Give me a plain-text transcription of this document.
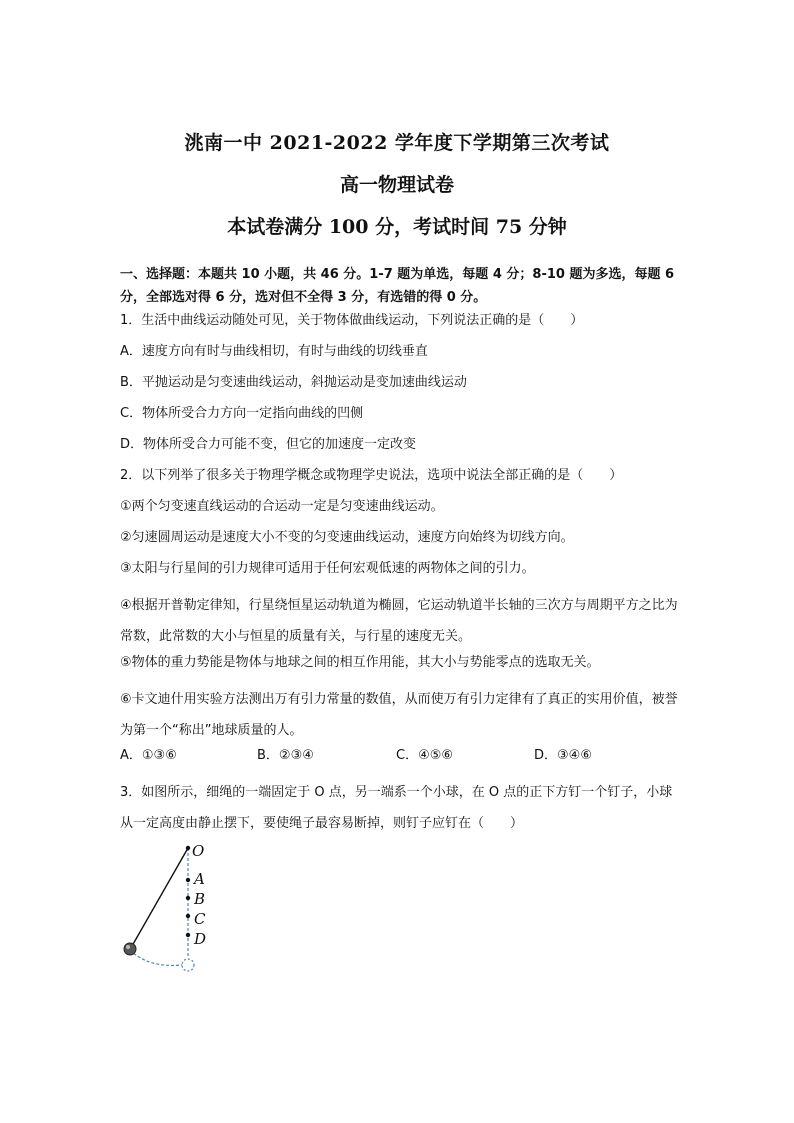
洮南一中 2021-2022 学年度下学期第三次考试
高一物理试卷
本试卷满分 100 分，考试时间 75 分钟
一、选择题：本题共 10 小题，共 46 分。1-7 题为单选，每题 4 分；8-10 题为多选，每题 6 分，全部选对得 6 分，选对但不全得 3 分，有选错的得 0 分。
1．生活中曲线运动随处可见，关于物体做曲线运动，下列说法正确的是（　　）
A．速度方向有时与曲线相切，有时与曲线的切线垂直
B．平抛运动是匀变速曲线运动，斜抛运动是变加速曲线运动
C．物体所受合力方向一定指向曲线的凹侧
D．物体所受合力可能不变，但它的加速度一定改变
2．以下列举了很多关于物理学概念或物理学史说法，选项中说法全部正确的是（　　）
①两个匀变速直线运动的合运动一定是匀变速曲线运动。
②匀速圆周运动是速度大小不变的匀变速曲线运动，速度方向始终为切线方向。
③太阳与行星间的引力规律可适用于任何宏观低速的两物体之间的引力。
④根据开普勒定律知，行星绕恒星运动轨道为椭圆，它运动轨道半长轴的三次方与周期平方之比为常数，此常数的大小与恒星的质量有关，与行星的速度无关。
⑤物体的重力势能是物体与地球之间的相互作用能，其大小与势能零点的选取无关。
⑥卡文迪什用实验方法测出万有引力常量的数值，从而使万有引力定律有了真正的实用价值，被誉为第一个“称出”地球质量的人。
A．①③⑥	B．②③④	C．④⑤⑥	D．③④⑥
3．如图所示，细绳的一端固定于 O 点，另一端系一个小球，在 O 点的正下方钉一个钉子，小球从一定高度由静止摆下，要使绳子最容易断掉，则钉子应钉在（　　）
O
A
B
C
D
